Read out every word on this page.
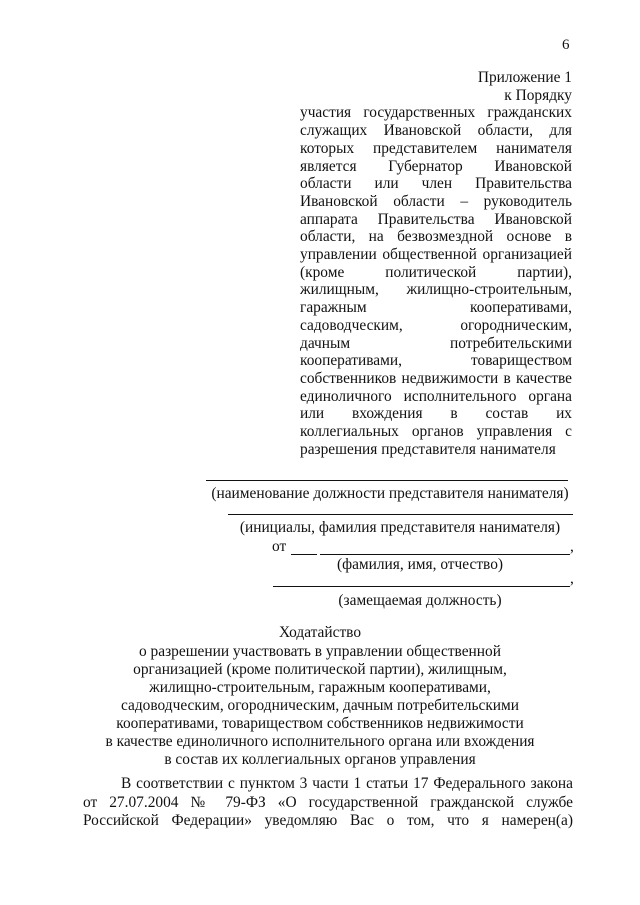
6
Приложение 1
к Порядку
участия государственных гражданских
служащих Ивановской области, для
которых представителем нанимателя
является Губернатор Ивановской
области или член Правительства
Ивановской области – руководитель
аппарата Правительства Ивановской
области, на безвозмездной основе в
управлении общественной организацией
(кроме политической партии),
жилищным, жилищно-строительным,
гаражным кооперативами,
садоводческим, огородническим,
дачным потребительскими
кооперативами, товариществом
собственников недвижимости в качестве
единоличного исполнительного органа
или вхождения в состав их
коллегиальных органов управления с
разрешения представителя нанимателя
(наименование должности представителя нанимателя)
(инициалы, фамилия представителя нанимателя)
от	,
(фамилия, имя, отчество)
,
(замещаемая должность)
Ходатайство
о разрешении участвовать в управлении общественной
организацией (кроме политической партии), жилищным,
жилищно-строительным, гаражным кооперативами,
садоводческим, огородническим, дачным потребительскими
кооперативами, товариществом собственников недвижимости
в качестве единоличного исполнительного органа или вхождения
в состав их коллегиальных органов управления
В соответствии с пунктом 3 части 1 статьи 17 Федерального закона
от 27.07.2004 № 79-ФЗ «О государственной гражданской службе
Российской Федерации» уведомляю Вас о том, что я намерен(а)
